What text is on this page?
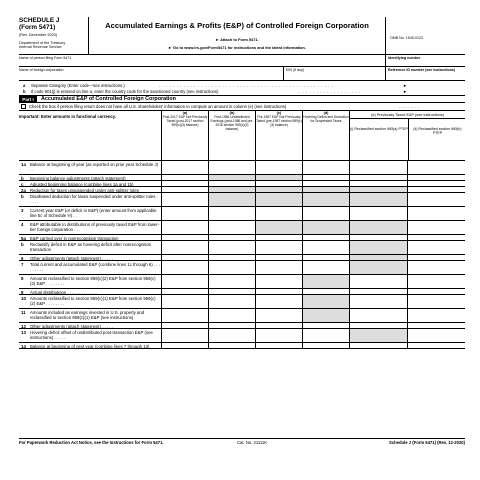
SCHEDULE J
(Form 5471)
(Rev. December 2020)
Department of the Treasury
Internal Revenue Service
Accumulated Earnings & Profits (E&P) of Controlled Foreign Corporation
► Attach to Form 5471.
► Go to www.irs.gov/Form5471 for instructions and the latest information.
OMB No. 1545-0123
Name of person filing Form 5471	Identifying number
Name of foreign corporation	EIN (if any)	Reference ID number (see instructions)
a Separate Category (Enter code—see instructions.)	. . . . . . . . . . . . . . . . . . . . . . . . . . . . . . . . . . . . . . . . . . . . . . . . . .	►
b If code 901(j) is entered on line a, enter the country code for the sanctioned country (see instructions)	. . . . . . . . . . . . . . . . . .	►
Part I	Accumulated E&P of Controlled Foreign Corporation
Check the box if person filing return does not have all U.S. shareholders' information to compute an amount in column (e) (see instructions)	. . . . . . . . .
Important: Enter amounts in functional currency.
(a)
Post-2017 E&P Not Previously Taxed (post-2017 section 959(c)(3) balance)
(b)
Post-1986 Undistributed Earnings (post-1986 and pre-2018 section 959(c)(3) balance)
(c)
Pre-1987 E&P Not Previously Taxed (pre-1987 section 959(c)(3) balance)
(d)
Hovering Deficit and Deduction for Suspended Taxes
(e) Previously Taxed E&P (see instructions)
(i) Reclassified section 965(a) PTEP	(ii) Reclassified section 965(b) PTEP
1a Balance at beginning of year (as reported on prior year Schedule J) . .
b	Beginning balance adjustments (attach statement)
c	Adjusted beginning balance (combine lines 1a and 1b)
2a Reduction for taxes unsuspended under anti-splitter rules
b	Disallowed deduction for taxes suspended under anti-splitter rules . . . . .
3	Current year E&P (or deficit in E&P) (enter amount from applicable line 5c of Schedule H) . .
4	E&P attributable to distributions of previously taxed E&P from lower-tier foreign corporation . . .
5a E&P carried over in nonrecognition transaction
b	Reclassify deficit in E&P as hovering deficit after nonrecognition transaction
6	Other adjustments (attach statement) . . . . .
7	Total current and accumulated E&P (combine lines 1c through 6) . . . . . . . . .
8	Amounts reclassified to section 959(c)(2) E&P from section 959(c)(3) E&P . . . . . . . .
9	Actual distributions . . . . . . . . . . . . .
10 Amounts reclassified to section 959(c)(1) E&P from section 959(c)(2) E&P . . . . . . . .
11	Amounts included as earnings invested in U.S. property and reclassified to section 959(c)(1) E&P (see instructions)
12 Other adjustments (attach statement) . . . . .
13 Hovering deficit offset of undistributed post-transaction E&P (see instructions) . . . . .
14 Balance at beginning of next year (combine lines 7 through 13)
For Paperwork Reduction Act Notice, see the Instructions for Form 5471.	Cat. No. 21111K	Schedule J (Form 5471) (Rev. 12-2020)
